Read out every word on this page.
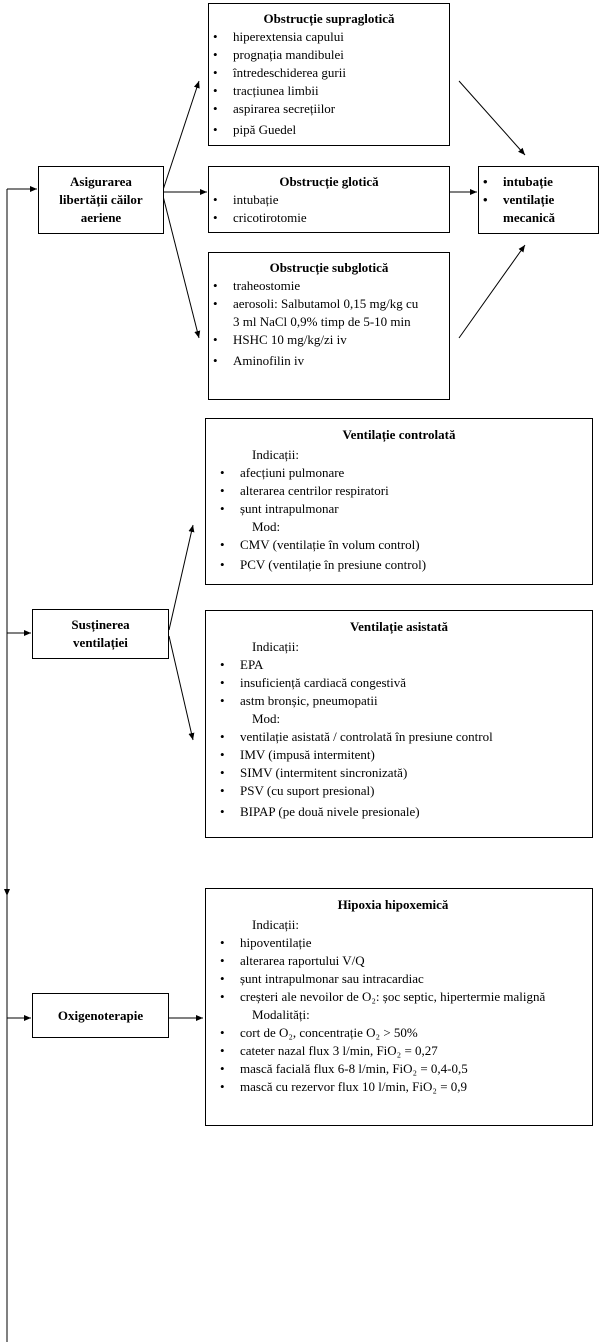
Asigurarea
libertății căilor
aeriene
Susținerea
ventilației
Oxigenoterapie
Obstrucție supraglotică
• hiperextensia capului
• prognația mandibulei
• întredeschiderea gurii
• tracțiunea limbii
• aspirarea secrețiilor
• pipă Guedel
Obstrucție glotică
• intubație
• cricotirotomie
Obstrucție subglotică
• traheostomie
• aerosoli: Salbutamol 0,15 mg/kg cu 3 ml NaCl 0,9% timp de 5-10 min
• HSHC 10 mg/kg/zi iv
• Aminofilin iv
• intubație
• ventilație mecanică
Ventilație controlată
Indicații:
• afecțiuni pulmonare
• alterarea centrilor respiratori
• șunt intrapulmonar
Mod:
• CMV (ventilație în volum control)
• PCV (ventilație în presiune control)
Ventilație asistată
Indicații:
• EPA
• insuficiență cardiacă congestivă
• astm bronșic, pneumopatii
Mod:
• ventilație asistată / controlată în presiune control
• IMV (impusă intermitent)
• SIMV (intermitent sincronizată)
• PSV (cu suport presional)
• BIPAP (pe două nivele presionale)
Hipoxia hipoxemică
Indicații:
• hipoventilație
• alterarea raportului V/Q
• șunt intrapulmonar sau intracardiac
• creșteri ale nevoilor de O₂: șoc septic, hipertermie malignă
Modalități:
• cort de O₂, concentrație O₂ > 50%
• cateter nazal flux 3 l/min, FiO₂ = 0,27
• mască facială flux 6-8 l/min, FiO₂ = 0,4-0,5
• mască cu rezervor flux 10 l/min, FiO₂ = 0,9
